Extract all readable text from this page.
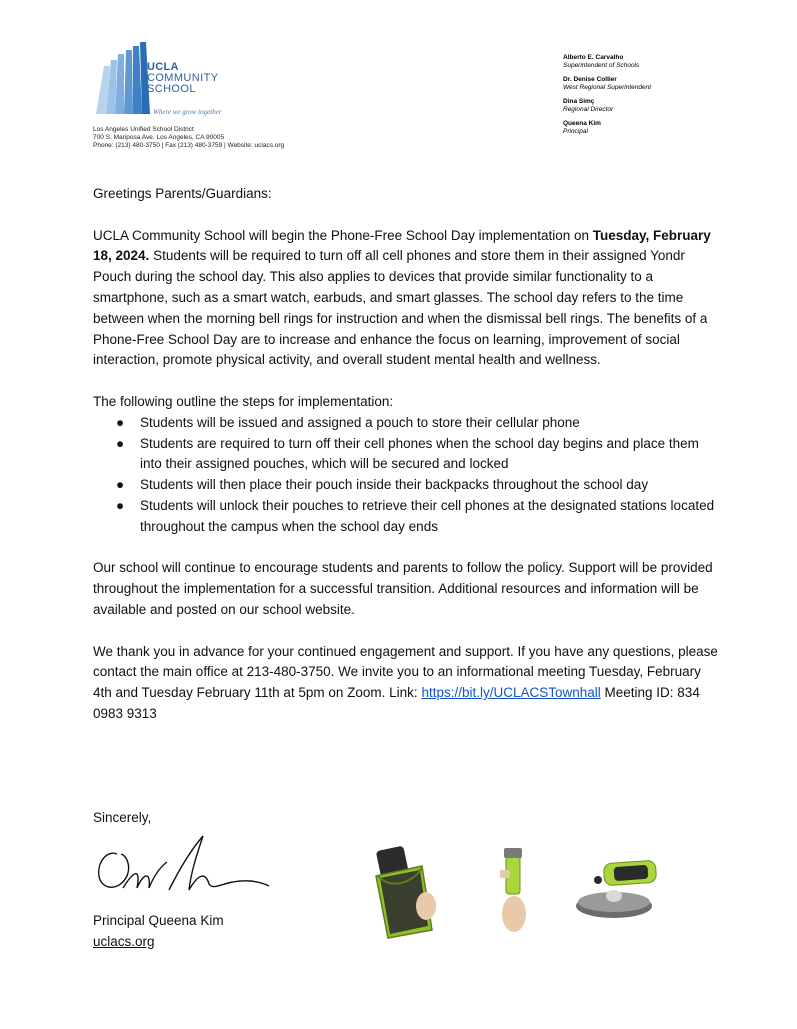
UCLA
COMMUNITY
SCHOOL
Where we grow together
Los Angeles Unified School District
700 S. Mariposa Ave. Los Angeles, CA 90005
Phone: (213) 480-3750 | Fax (213) 480-3759 | Website: uclacs.org
Alberto E. Carvalho
Superintendent of Schools
Dr. Denise Collier
West Regional Superintendent
Dina Simç
Regional Director
Queena Kim
Principal

Greetings Parents/Guardians:

UCLA Community School will begin the Phone-Free School Day implementation on Tuesday, February 18, 2024. Students will be required to turn off all cell phones and store them in their assigned Yondr Pouch during the school day. This also applies to devices that provide similar functionality to a smartphone, such as a smart watch, earbuds, and smart glasses. The school day refers to the time between when the morning bell rings for instruction and when the dismissal bell rings. The benefits of a Phone-Free School Day are to increase and enhance the focus on learning, improvement of social interaction, promote physical activity, and overall student mental health and wellness.

The following outline the steps for implementation:

● Students will be issued and assigned a pouch to store their cellular phone
● Students are required to turn off their cell phones when the school day begins and place them into their assigned pouches, which will be secured and locked
● Students will then place their pouch inside their backpacks throughout the school day
● Students will unlock their pouches to retrieve their cell phones at the designated stations located throughout the campus when the school day ends

Our school will continue to encourage students and parents to follow the policy. Support will be provided throughout the implementation for a successful transition. Additional resources and information will be available and posted on our school website.

We thank you in advance for your continued engagement and support. If you have any questions, please contact the main office at 213-480-3750. We invite you to an informational meeting Tuesday, February 4th and Tuesday February 11th at 5pm on Zoom. Link: https://bit.ly/UCLACSTownhall Meeting ID: 834 0983 9313

Sincerely,
Principal Queena Kim
uclacs.org
